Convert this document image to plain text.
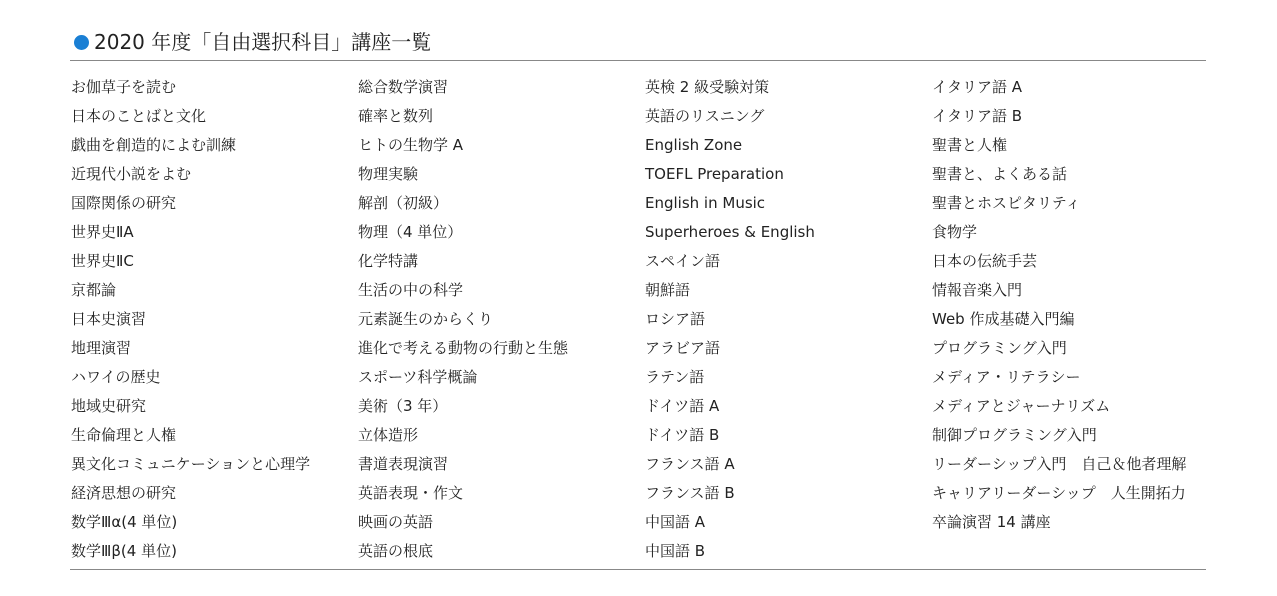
2020 年度「自由選択科目」講座一覧
お伽草子を読む
日本のことばと文化
戯曲を創造的によむ訓練
近現代小説をよむ
国際関係の研究
世界史ⅡA
世界史ⅡC
京都論
日本史演習
地理演習
ハワイの歴史
地域史研究
生命倫理と人権
異文化コミュニケーションと心理学
経済思想の研究
数学Ⅲα(4 単位)
数学Ⅲβ(4 単位)
総合数学演習
確率と数列
ヒトの生物学 A
物理実験
解剖（初級）
物理（4 単位）
化学特講
生活の中の科学
元素誕生のからくり
進化で考える動物の行動と生態
スポーツ科学概論
美術（3 年）
立体造形
書道表現演習
英語表現・作文
映画の英語
英語の根底
英検 2 級受験対策
英語のリスニング
English Zone
TOEFL Preparation
English in Music
Superheroes & English
スペイン語
朝鮮語
ロシア語
アラビア語
ラテン語
ドイツ語 A
ドイツ語 B
フランス語 A
フランス語 B
中国語 A
中国語 B
イタリア語 A
イタリア語 B
聖書と人権
聖書と、よくある話
聖書とホスピタリティ
食物学
日本の伝統手芸
情報音楽入門
Web 作成基礎入門編
プログラミング入門
メディア・リテラシー
メディアとジャーナリズム
制御プログラミング入門
リーダーシップ入門　自己＆他者理解
キャリアリーダーシップ　人生開拓力
卒論演習 14 講座
